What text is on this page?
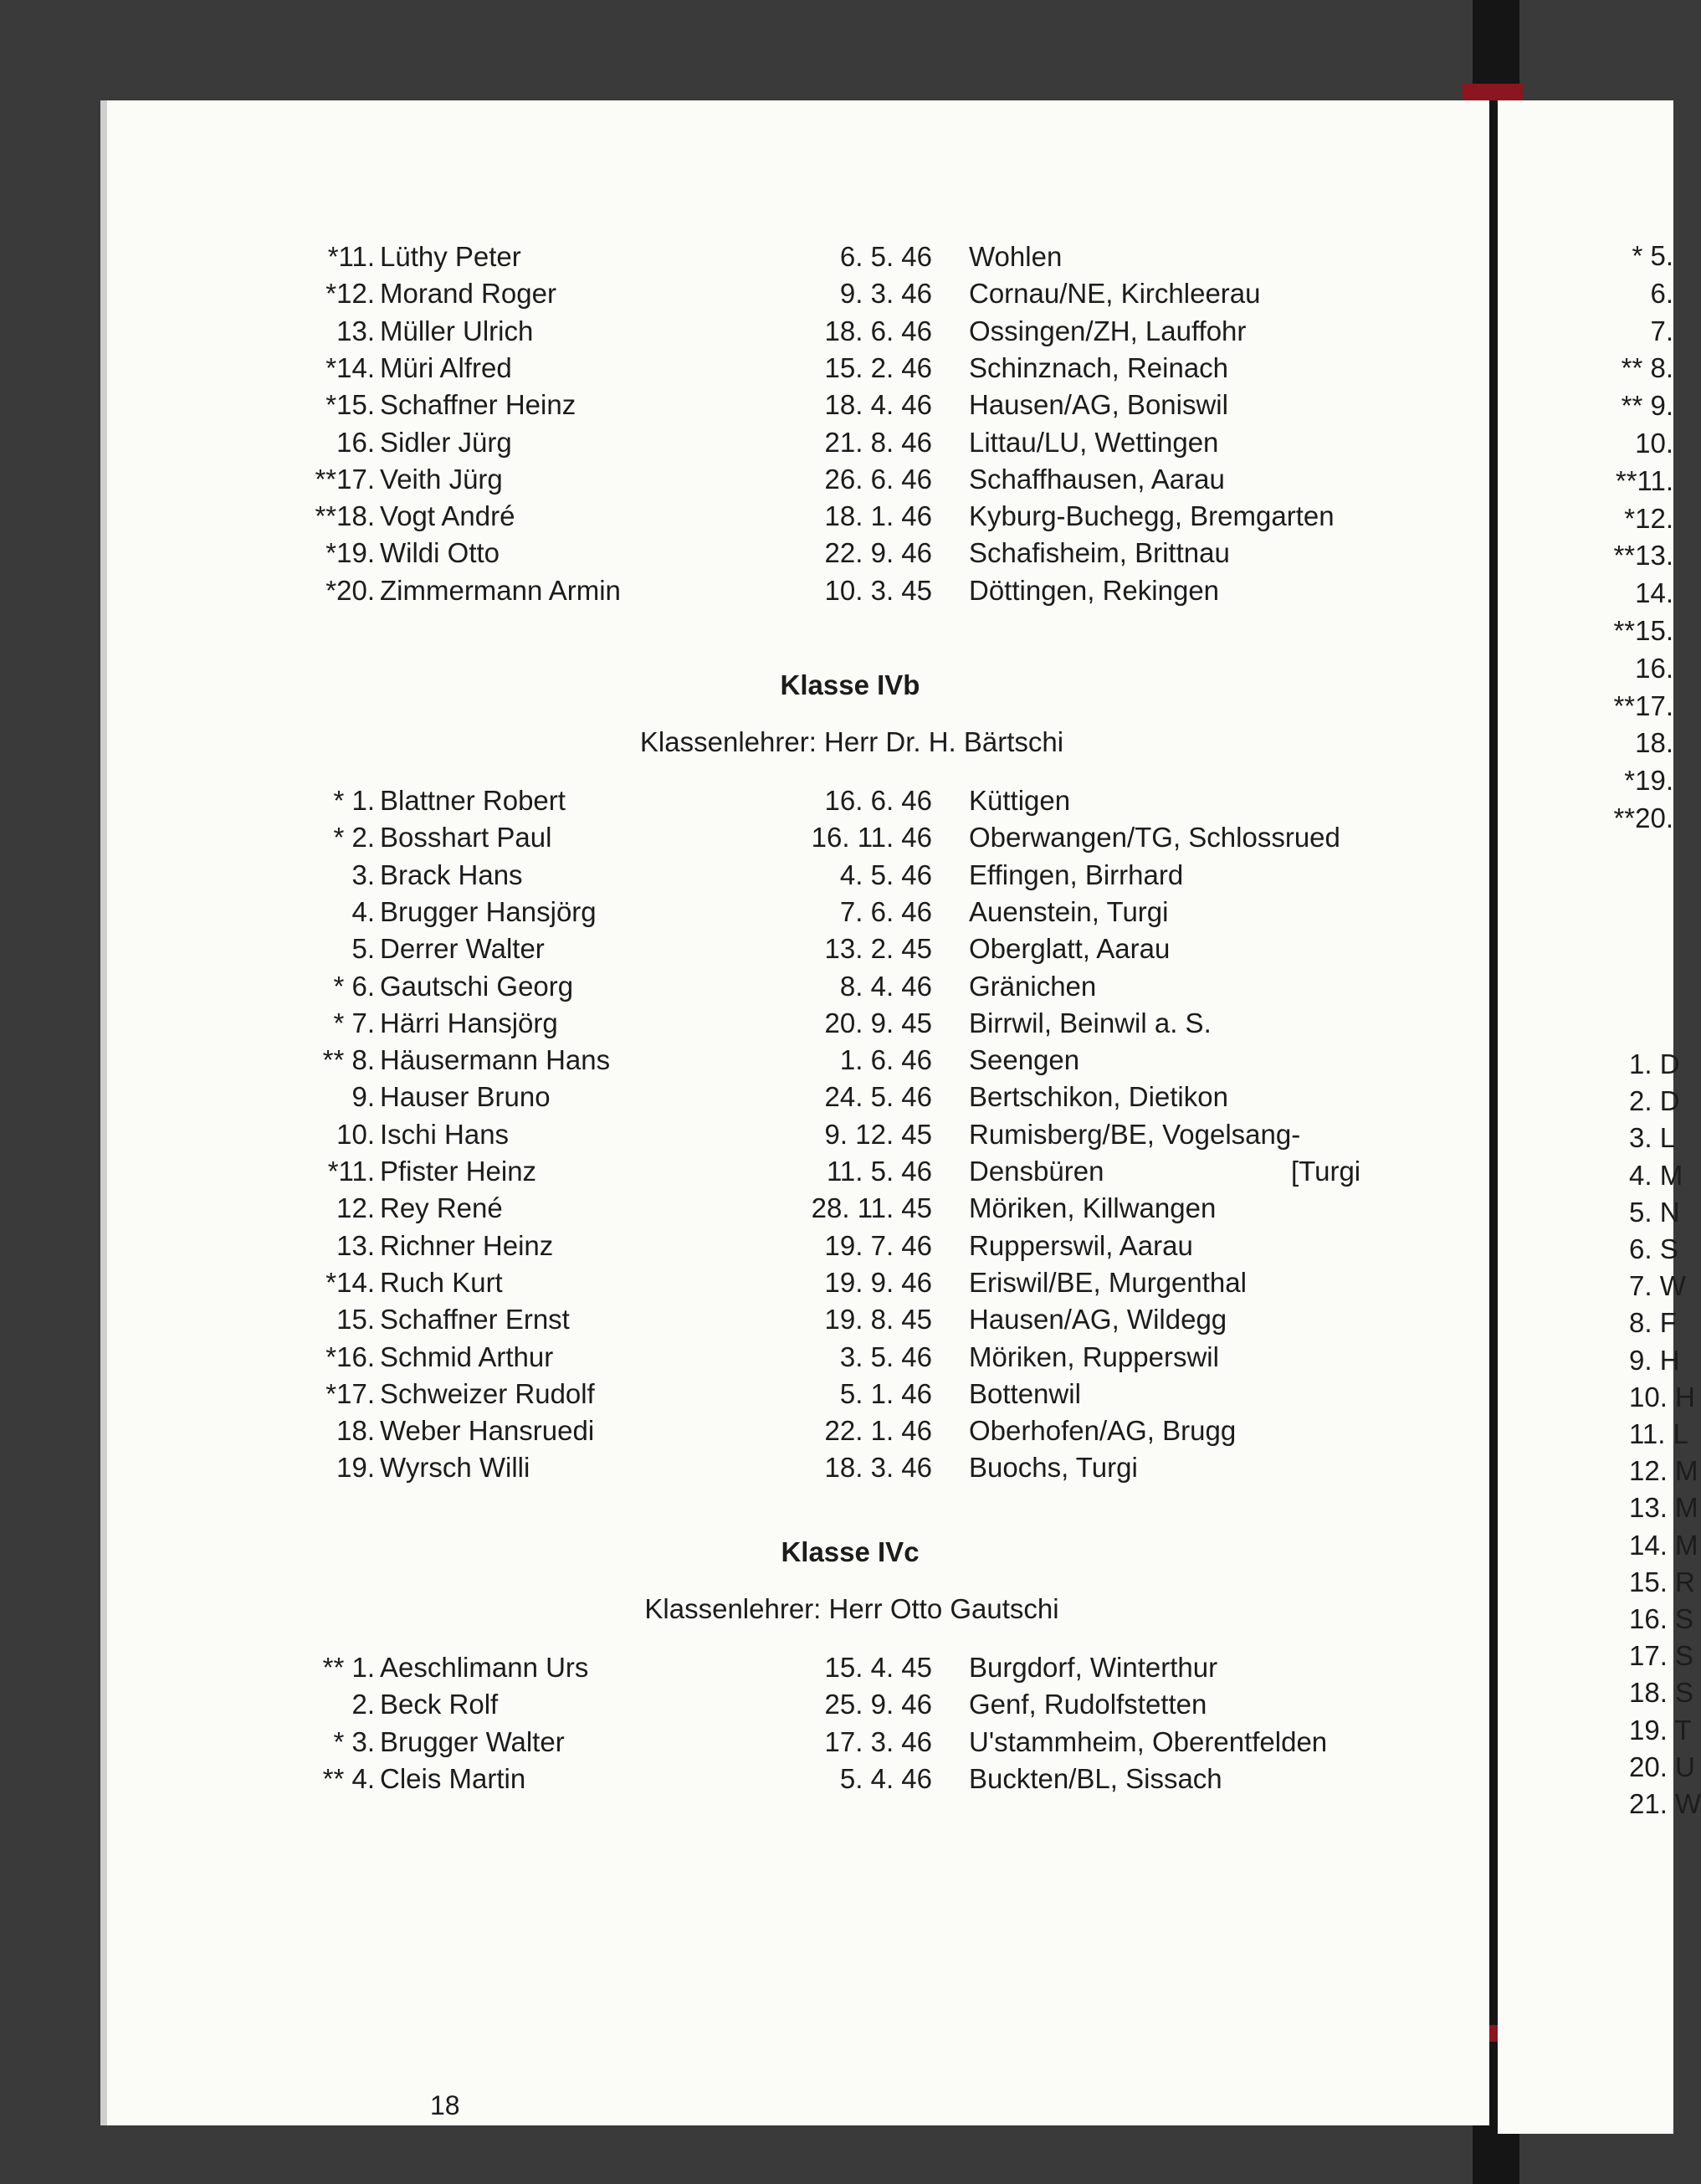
18
*11. Lüthy Peter	6. 5. 46 Wohlen
*12. Morand Roger	9. 3. 46 Cornau/NE, Kirchleerau
13. Müller Ulrich	18. 6. 46 Ossingen/ZH, Lauffohr
*14. Müri Alfred	15. 2. 46 Schinznach, Reinach
*15. Schaffner Heinz	18. 4. 46 Hausen/AG, Boniswil
16. Sidler Jürg	21. 8. 46 Littau/LU, Wettingen
**17. Veith Jürg	26. 6. 46 Schaffhausen, Aarau
**18. Vogt André	18. 1. 46 Kyburg-Buchegg, Bremgarten
*19. Wildi Otto	22. 9. 46 Schafisheim, Brittnau
*20. Zimmermann Armin	10. 3. 45 Döttingen, Rekingen
Klasse IVb
Klassenlehrer: Herr Dr. H. Bärtschi
* 1. Blattner Robert	16. 6. 46 Küttigen
* 2. Bosshart Paul	16. 11. 46 Oberwangen/TG, Schlossrued
3. Brack Hans	4. 5. 46 Effingen, Birrhard
4. Brugger Hansjörg	7. 6. 46 Auenstein, Turgi
5. Derrer Walter	13. 2. 45 Oberglatt, Aarau
* 6. Gautschi Georg	8. 4. 46 Gränichen
* 7. Härri Hansjörg	20. 9. 45 Birrwil, Beinwil a. S.
** 8. Häusermann Hans	1. 6. 46 Seengen
9. Hauser Bruno	24. 5. 46 Bertschikon, Dietikon
10. Ischi Hans	9. 12. 45 Rumisberg/BE, Vogelsang-
*11. Pfister Heinz	11. 5. 46 Densbüren	[Turgi
12. Rey René	28. 11. 45 Möriken, Killwangen
13. Richner Heinz	19. 7. 46 Rupperswil, Aarau
*14. Ruch Kurt	19. 9. 46 Eriswil/BE, Murgenthal
15. Schaffner Ernst	19. 8. 45 Hausen/AG, Wildegg
*16. Schmid Arthur	3. 5. 46 Möriken, Rupperswil
*17. Schweizer Rudolf	5. 1. 46 Bottenwil
18. Weber Hansruedi	22. 1. 46 Oberhofen/AG, Brugg
19. Wyrsch Willi	18. 3. 46 Buochs, Turgi
Klasse IVc
Klassenlehrer: Herr Otto Gautschi
** 1. Aeschlimann Urs	15. 4. 45 Burgdorf, Winterthur
2. Beck Rolf	25. 9. 46 Genf, Rudolfstetten
* 3. Brugger Walter	17. 3. 46 U'stammheim, Oberentfelden
** 4. Cleis Martin	5. 4. 46 Buckten/BL, Sissach
* 5.
6.
7.
** 8.
** 9.
10.
**11.
*12.
**13.
14.
**15.
16.
**17.
18.
*19.
**20.
1. D
2. D
3. L
4. M
5. N
6. S
7. W
8. F
9. H
10. H
11. L
12. M
13. M
14. M
15. R
16. S
17. S
18. S
19. T
20. U
21. W
